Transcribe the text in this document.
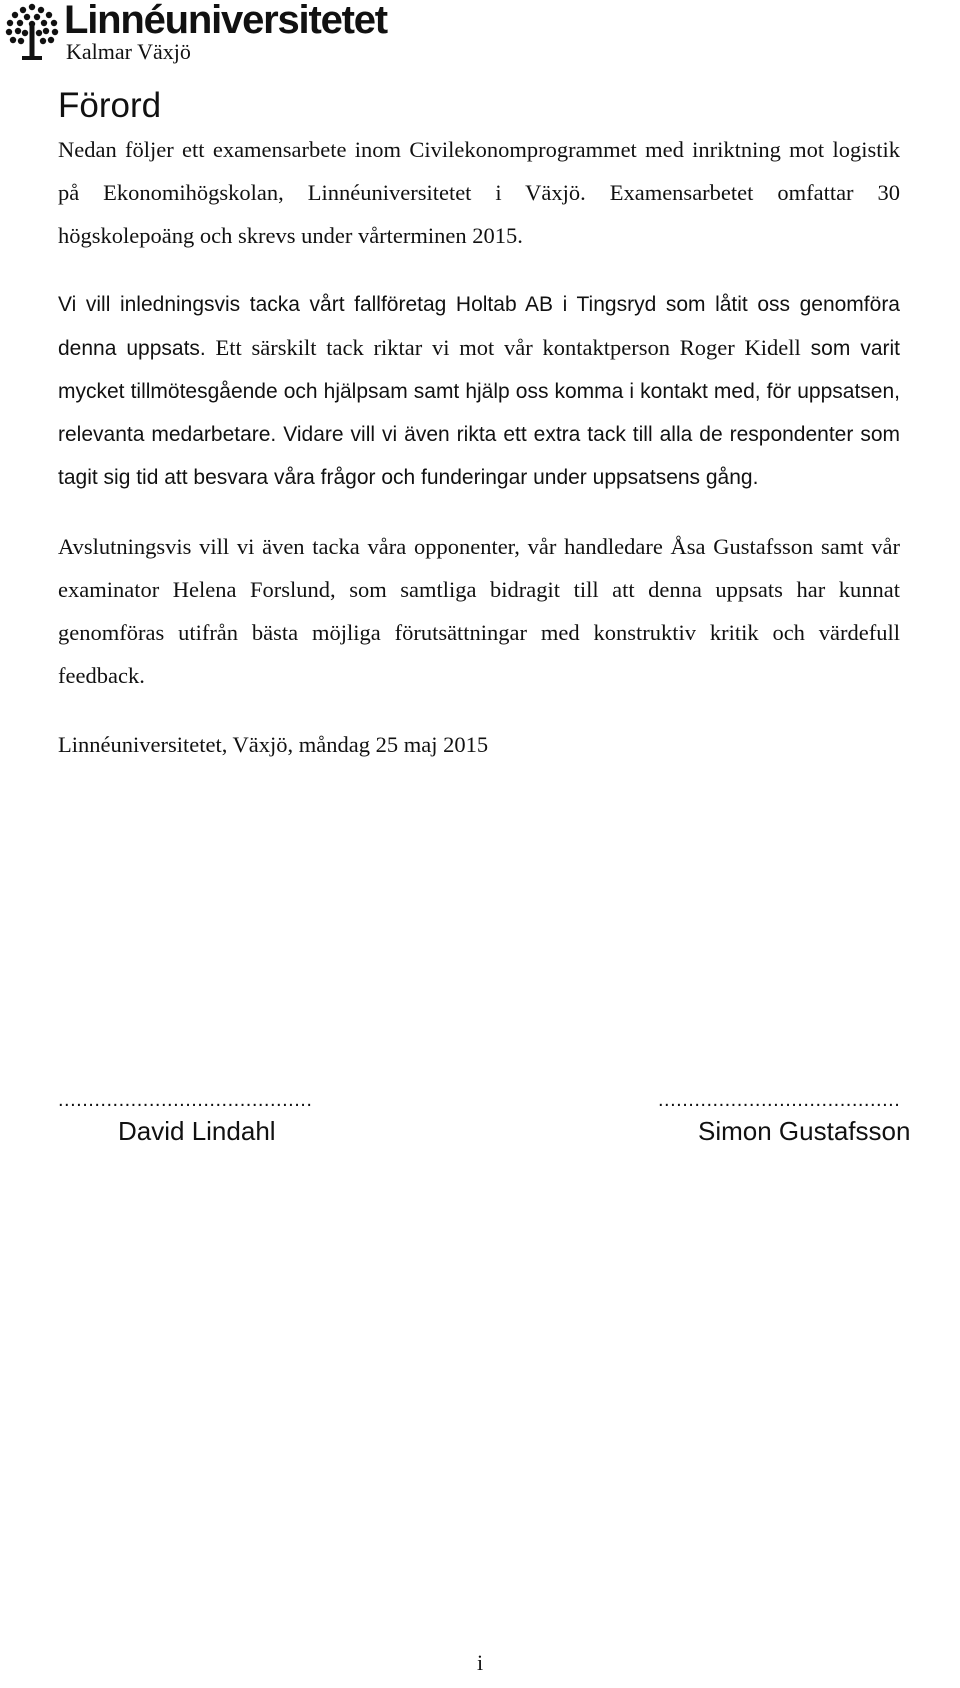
Linnéuniversitetet
Kalmar Växjö
Förord

Nedan följer ett examensarbete inom Civilekonomprogrammet med inriktning mot logistik på Ekonomihögskolan, Linnéuniversitetet i Växjö. Examensarbetet omfattar 30 högskolepoäng och skrevs under vårterminen 2015.

Vi vill inledningsvis tacka vårt fallföretag Holtab AB i Tingsryd som låtit oss genomföra denna uppsats. Ett särskilt tack riktar vi mot vår kontaktperson Roger Kidell som varit mycket tillmötesgående och hjälpsam samt hjälp oss komma i kontakt med, för uppsatsen, relevanta medarbetare. Vidare vill vi även rikta ett extra tack till alla de respondenter som tagit sig tid att besvara våra frågor och funderingar under uppsatsens gång.

Avslutningsvis vill vi även tacka våra opponenter, vår handledare Åsa Gustafsson samt vår examinator Helena Forslund, som samtliga bidragit till att denna uppsats har kunnat genomföras utifrån bästa möjliga förutsättningar med konstruktiv kritik och värdefull feedback.

Linnéuniversitetet, Växjö, måndag 25 maj 2015

..........................................
David Lindahl
........................................
Simon Gustafsson
i
